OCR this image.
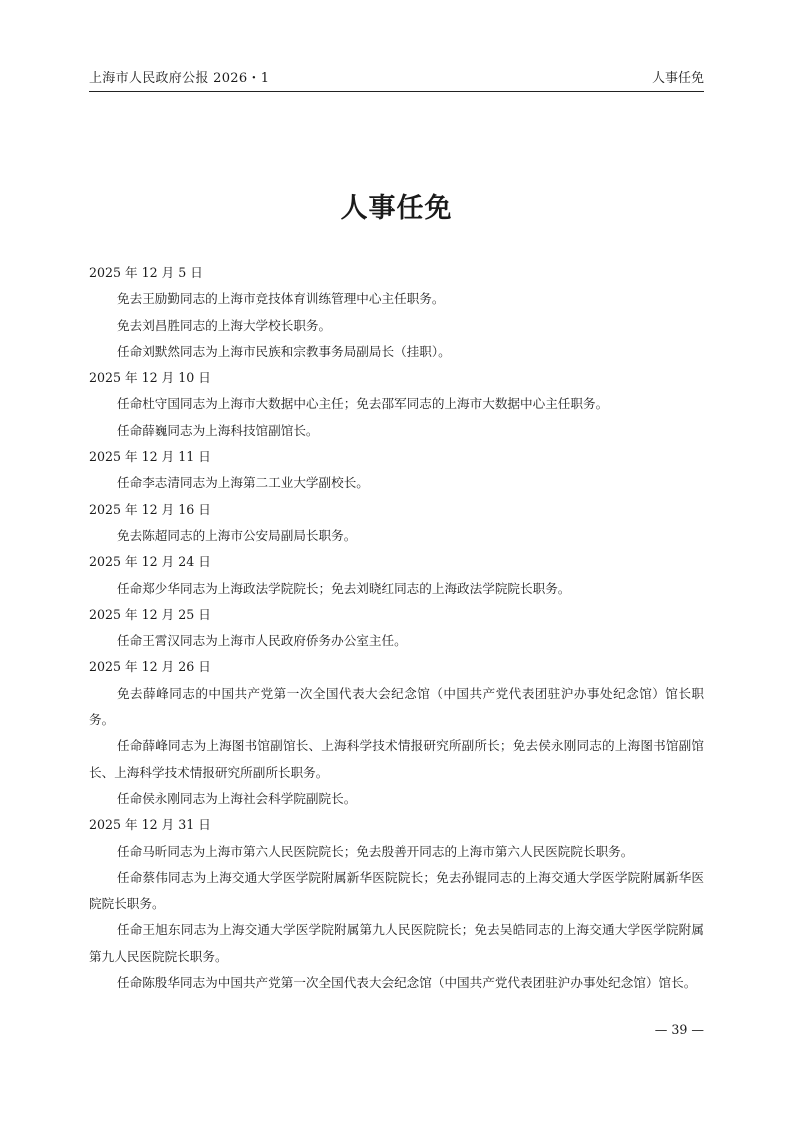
上海市人民政府公报 2026・1	人事任免
人事任免

2025 年 12 月 5 日

免去王励勤同志的上海市竞技体育训练管理中心主任职务。

免去刘昌胜同志的上海大学校长职务。

任命刘默然同志为上海市民族和宗教事务局副局长（挂职）。

2025 年 12 月 10 日

任命杜守国同志为上海市大数据中心主任；免去邵军同志的上海市大数据中心主任职务。

任命薛巍同志为上海科技馆副馆长。

2025 年 12 月 11 日

任命李志清同志为上海第二工业大学副校长。

2025 年 12 月 16 日

免去陈超同志的上海市公安局副局长职务。

2025 年 12 月 24 日

任命郑少华同志为上海政法学院院长；免去刘晓红同志的上海政法学院院长职务。

2025 年 12 月 25 日

任命王霄汉同志为上海市人民政府侨务办公室主任。

2025 年 12 月 26 日

免去薛峰同志的中国共产党第一次全国代表大会纪念馆（中国共产党代表团驻沪办事处纪念馆）馆长职务。

任命薛峰同志为上海图书馆副馆长、上海科学技术情报研究所副所长；免去侯永刚同志的上海图书馆副馆长、上海科学技术情报研究所副所长职务。

任命侯永刚同志为上海社会科学院副院长。

2025 年 12 月 31 日

任命马昕同志为上海市第六人民医院院长；免去殷善开同志的上海市第六人民医院院长职务。

任命蔡伟同志为上海交通大学医学院附属新华医院院长；免去孙锟同志的上海交通大学医学院附属新华医院院长职务。

任命王旭东同志为上海交通大学医学院附属第九人民医院院长；免去吴皓同志的上海交通大学医学院附属第九人民医院院长职务。

任命陈殷华同志为中国共产党第一次全国代表大会纪念馆（中国共产党代表团驻沪办事处纪念馆）馆长。

— 39 —
